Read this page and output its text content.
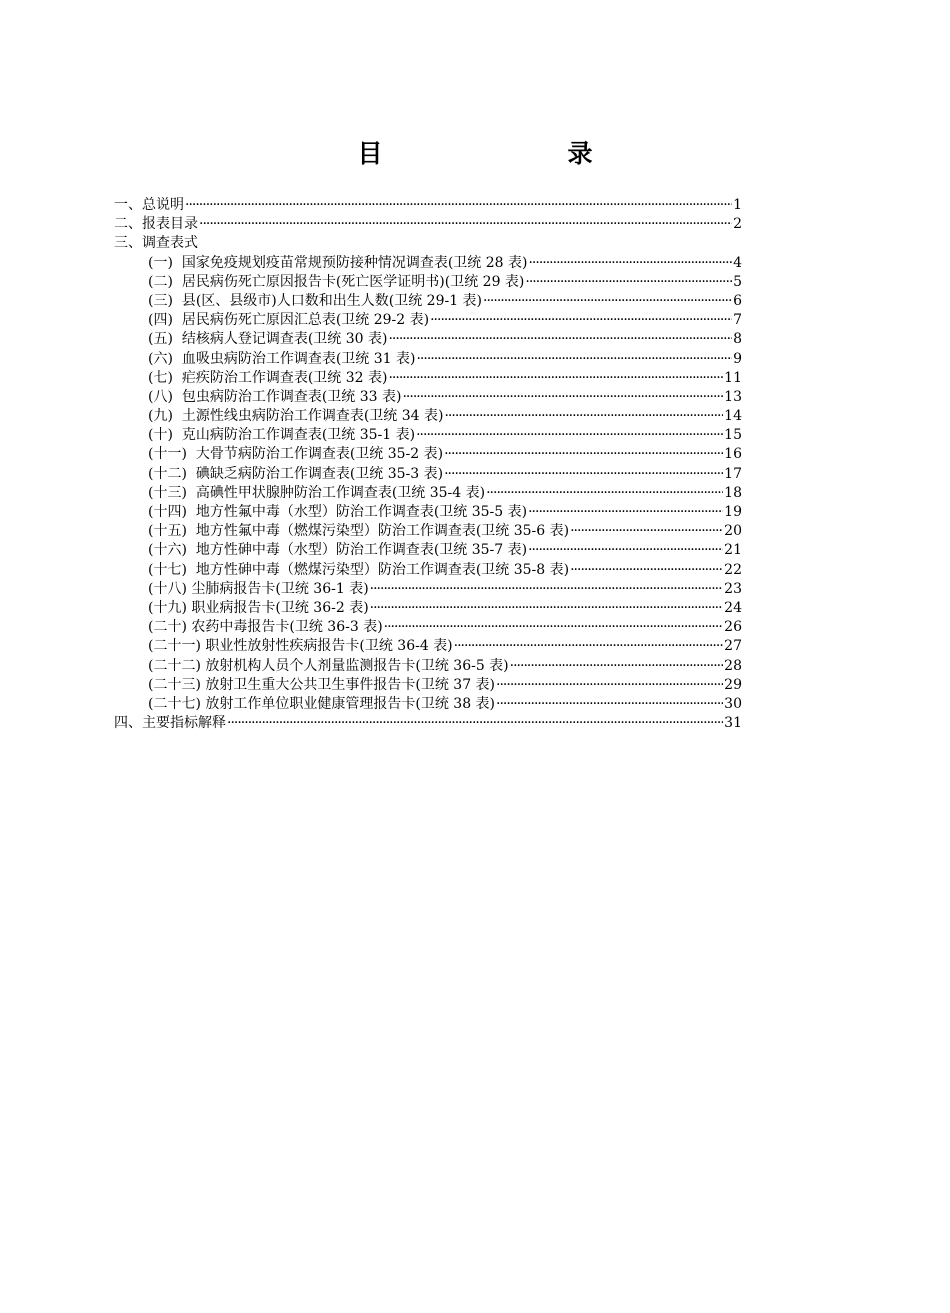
目　　录
一、总说明 ·····	1
二、报表目录 ·····	2
三、调查表式
(一)  国家免疫规划疫苗常规预防接种情况调查表(卫统 28 表) ·····	4
(二)  居民病伤死亡原因报告卡(死亡医学证明书)(卫统 29 表) ·····	5
(三)  县(区、县级市)人口数和出生人数(卫统 29-1 表) ·····	6
(四)  居民病伤死亡原因汇总表(卫统 29-2 表) ·····	7
(五)  结核病人登记调查表(卫统 30 表) ·····	8
(六)  血吸虫病防治工作调查表(卫统 31 表) ·····	9
(七)  疟疾防治工作调查表(卫统 32 表) ·····	11
(八)  包虫病防治工作调查表(卫统 33 表) ·····	13
(九)  土源性线虫病防治工作调查表(卫统 34 表) ·····	14
(十)  克山病防治工作调查表(卫统 35-1 表) ·····	15
(十一)  大骨节病防治工作调查表(卫统 35-2 表) ·····	16
(十二)  碘缺乏病防治工作调查表(卫统 35-3 表) ·····	17
(十三)  高碘性甲状腺肿防治工作调查表(卫统 35-4 表) ·····	18
(十四)  地方性氟中毒（水型）防治工作调查表(卫统 35-5 表) ·····	19
(十五)  地方性氟中毒（燃煤污染型）防治工作调查表(卫统 35-6 表) ·····	20
(十六)  地方性砷中毒（水型）防治工作调查表(卫统 35-7 表) ·····	21
(十七)  地方性砷中毒（燃煤污染型）防治工作调查表(卫统 35-8 表) ·····	22
(十八) 尘肺病报告卡(卫统 36-1 表) ·····	23
(十九) 职业病报告卡(卫统 36-2 表) ·····	24
(二十) 农药中毒报告卡(卫统 36-3 表) ·····	26
(二十一) 职业性放射性疾病报告卡(卫统 36-4 表) ·····	27
(二十二) 放射机构人员个人剂量监测报告卡(卫统 36-5 表) ·····	28
(二十三) 放射卫生重大公共卫生事件报告卡(卫统 37 表) ·····	29
(二十七) 放射工作单位职业健康管理报告卡(卫统 38 表) ·····	30
四、主要指标解释 ·····	31
